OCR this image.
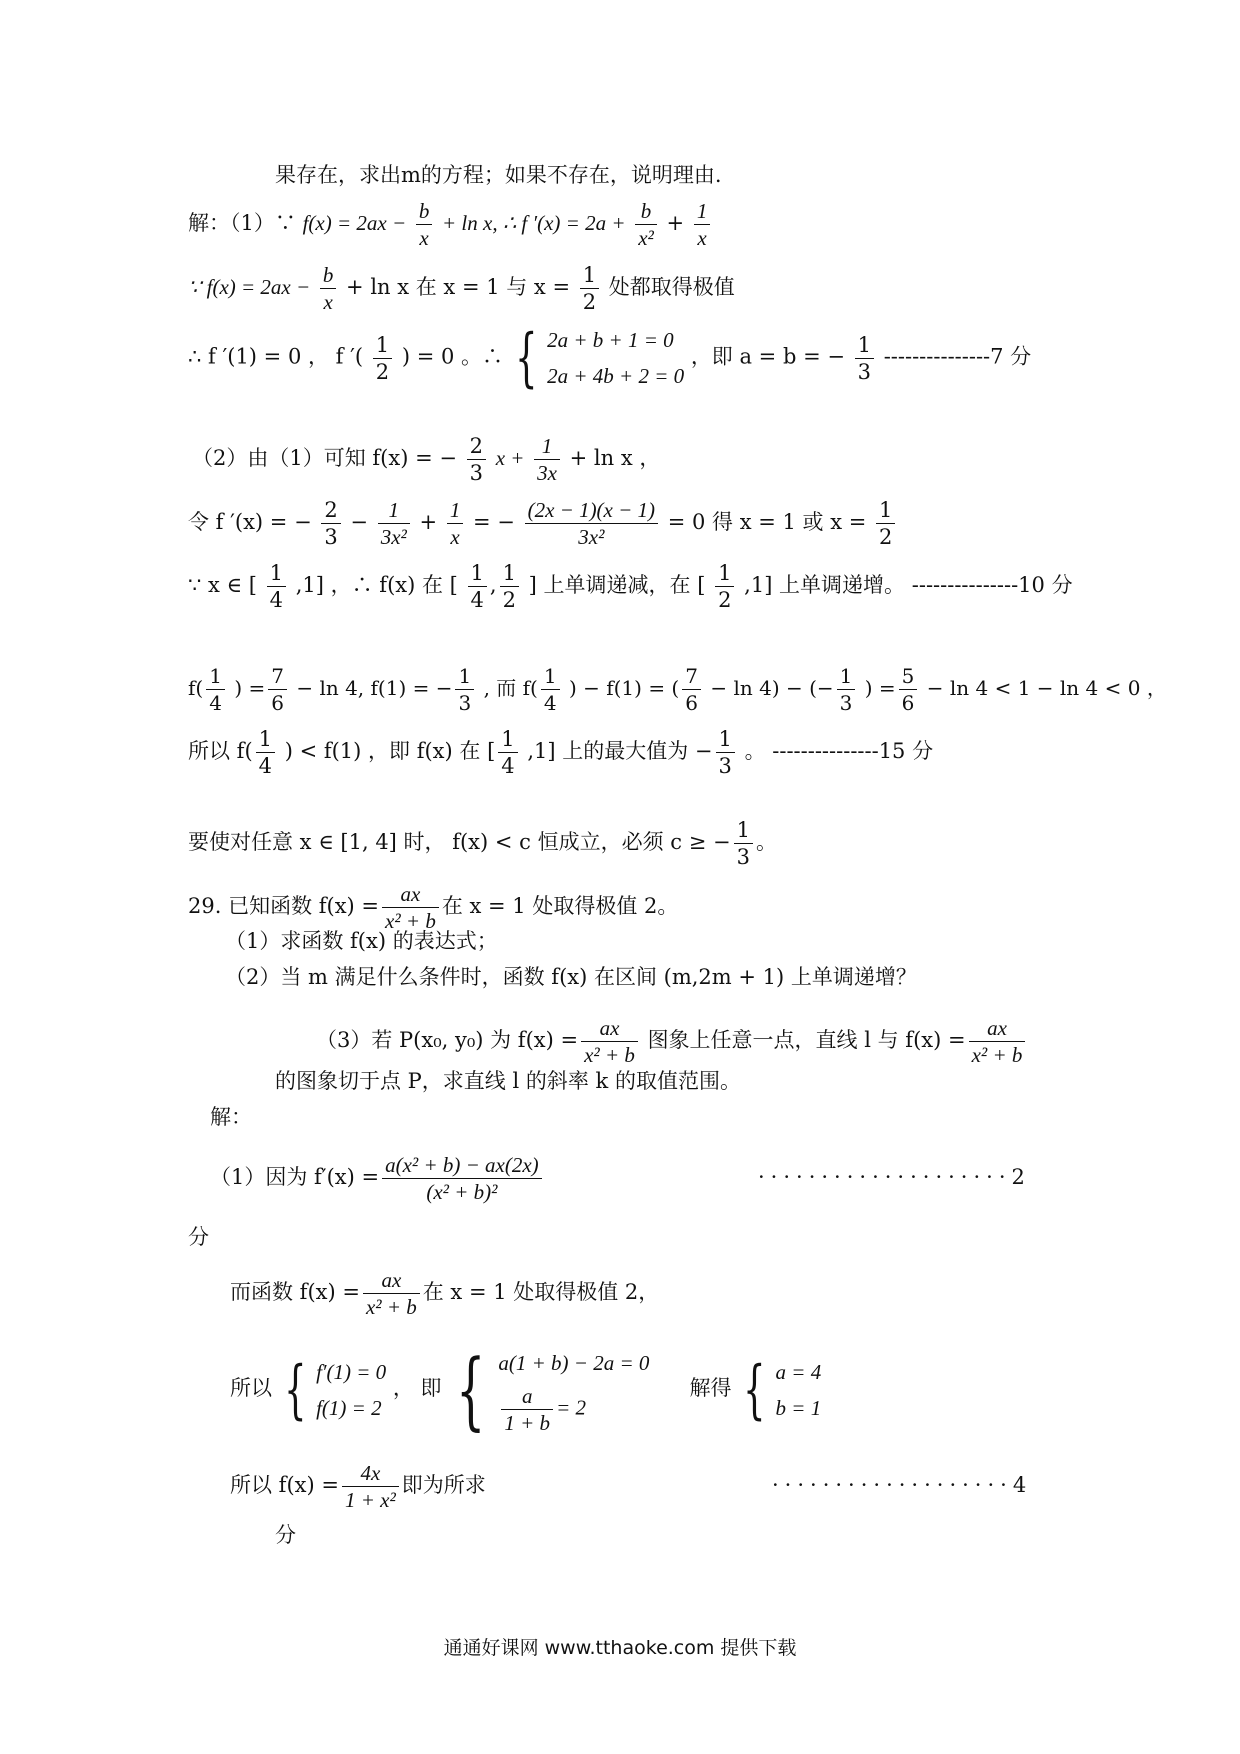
果存在，求出m的方程；如果不存在，说明理由.
解：（1）∵ $f(x) = 2ax - \frac{b}{x} + \ln x$, ∴ f $'(x) = 2a + \frac{b}{\text{x²}} + \frac{1}{x}$
∵ $f(x) = 2ax - \frac{b}{x} + \ln x$ 在 x = 1 与 $x = \frac{1}{2}$ 处都取得极值
∴ f ′(1) = 0 ， f ′( $\frac{1}{2}$ ) = 0 。∴ { 2a + b + 1 = 0
2a + 4b + 2 = 0
，即 a = b = − $\frac{1}{3} ---------------7$ 分
（2）由（1）可知 f(x) = − $\frac{2}{3}$ $x + \frac{1}{3x} + \ln x$ ，
令 f ′(x) = − $\frac{2}{3} - \frac{1}{\text{3x²}} + \frac{1}{x}$ = − $\frac{(2x - 1)(x - 1)}{\text{3x²}} = 0$ 得 x = 1 或 $x = \frac{1}{2}$
∵ x ∈ [ $\frac{1}{4} ,1$] ，∴ f(x) 在 [ $\frac{1}{4}$ , $\frac{1}{2}$ ] 上单调递减，在 [ $\frac{1}{2} ,1$] 上单调递增。 ---------------10 分
$f( \frac{1}{4}$ ) = $\frac{7}{6} - \ln 4$, f(1) = − $\frac{1}{3}$ , 而 $f( \frac{1}{4}$ ) − f(1) = ( $\frac{7}{6} - \ln 4$) − (− $\frac{1}{3}$ ) = $\frac{5}{6} - \ln 4 < 1 - \ln 4 < 0$ ，
所以 $f( \frac{1}{4}$ ) < f(1) ，即 f(x) 在 [ $\frac{1}{4} ,1$] 上的最大值为 − $\frac{1}{3}$ 。 ---------------15 分
要使对任意 x ∈ [1, 4] 时， f(x) < c 恒成立，必须 c ≥ − $\frac{1}{3}$ 。
29. 已知函数 $f(x) = \frac{ax}{\text{x² + b}}$ 在 x = 1 处取得极值 2。
（1）求函数 f(x) 的表达式；
（2）当 m 满足什么条件时，函数 f(x) 在区间 (m,2m + 1) 上单调递增？
（3）若 P(x₀, y₀) 为 $f(x) = \frac{ax}{\text{x² + b}}$ 图象上任意一点，直线 l 与 $f(x) = \frac{ax}{\text{x² + b}}$
的图象切于点 P，求直线 l 的斜率 k 的取值范围。
解：
（1）因为 $f'(x) = \frac{\text{a(x² + b) − ax(2x)}}{\text{(x² + b)²}}$	····················2
分
而函数 $f(x) = \frac{ax}{\text{x² + b}}$ 在 x = 1 处取得极值 2，
所以 { f′(1) = 0
f(1) = 2
， 即 { a(1 + b) − 2a = 0
$\frac{a}{1 + b} = 2$
解得 { a = 4
b = 1
所以 $f(x) = \frac{4x}{\text{1 + x²}}$ 即为所求	···················4
分
通通好课网 www.tthaoke.com 提供下载
